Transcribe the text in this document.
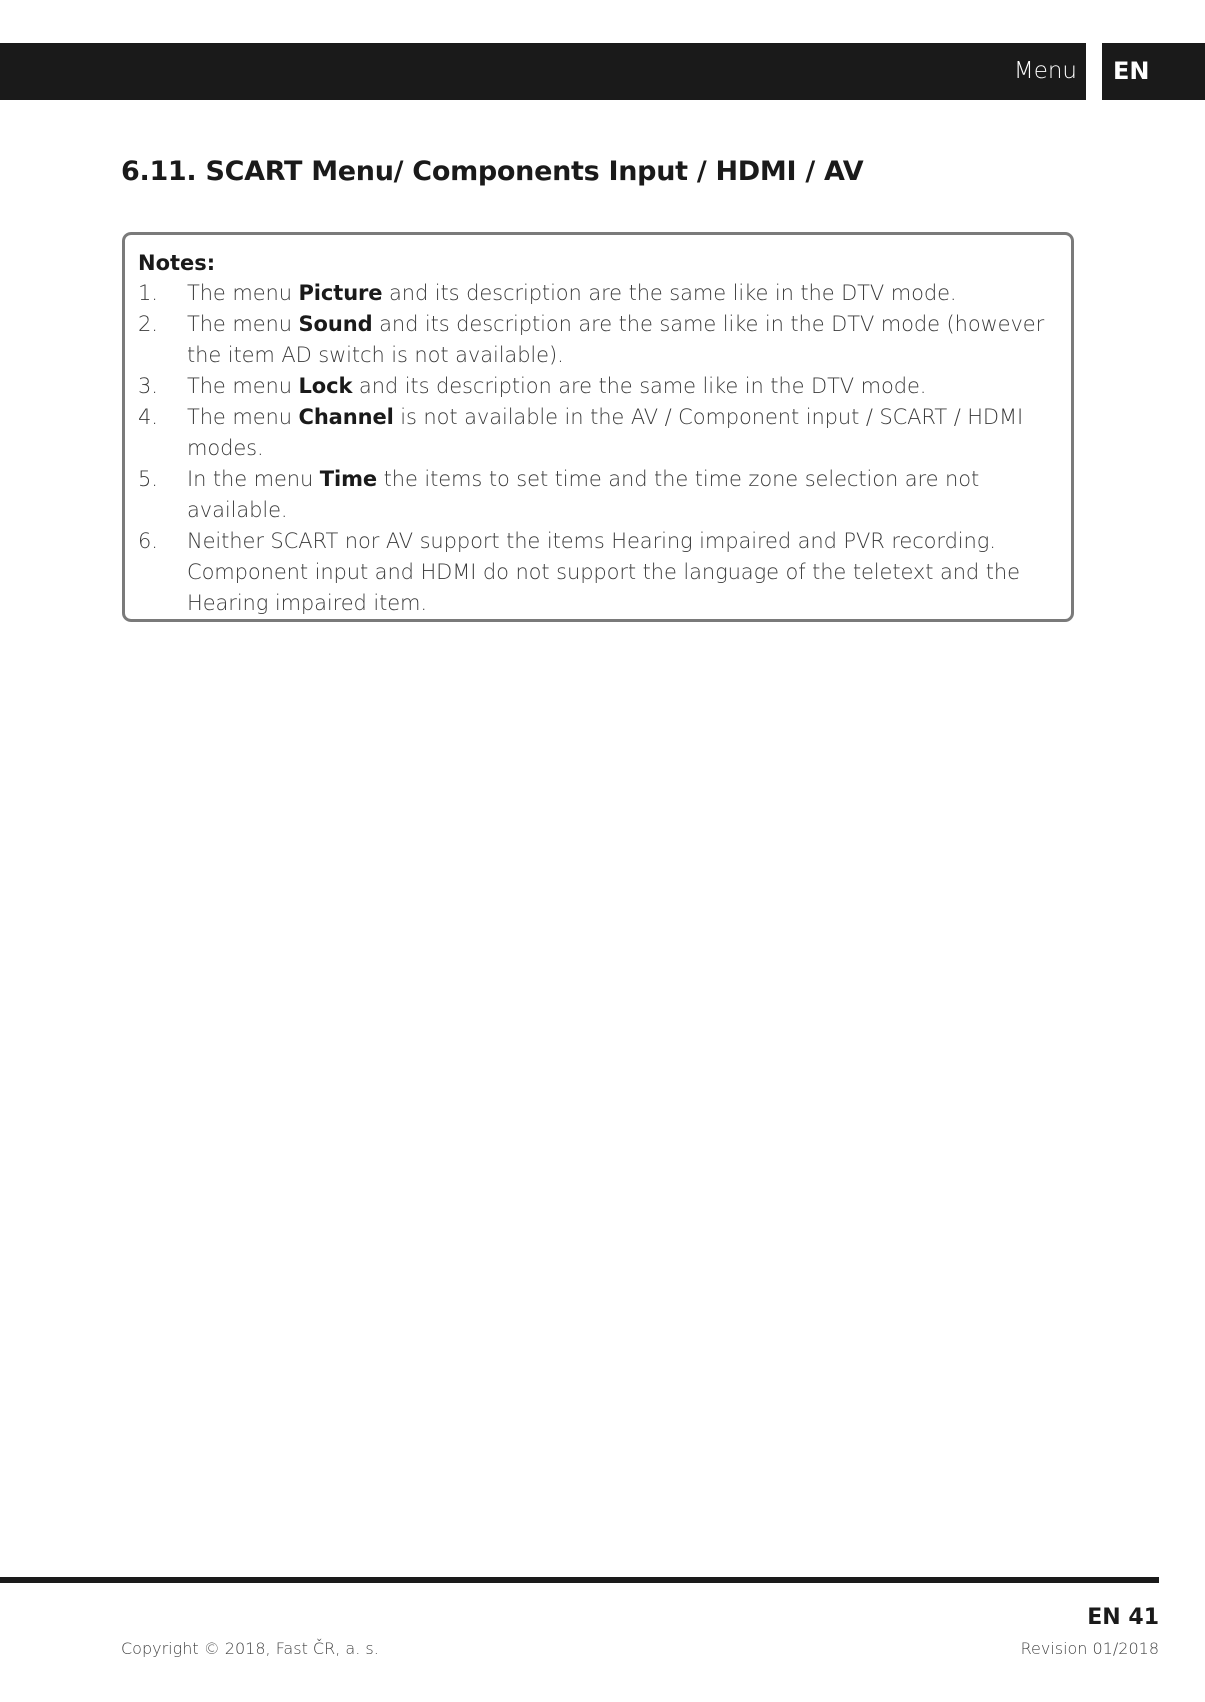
Menu EN
6.11. SCART Menu/ Components Input / HDMI / AV
Notes:
1. The menu Picture and its description are the same like in the DTV mode.
2. The menu Sound and its description are the same like in the DTV mode (however the item AD switch is not available).
3. The menu Lock and its description are the same like in the DTV mode.
4. The menu Channel is not available in the AV / Component input / SCART / HDMI modes.
5. In the menu Time the items to set time and the time zone selection are not available.
6. Neither SCART nor AV support the items Hearing impaired and PVR recording. Component input and HDMI do not support the language of the teletext and the Hearing impaired item.
EN 41
Copyright © 2018, Fast ČR, a. s.	Revision 01/2018
